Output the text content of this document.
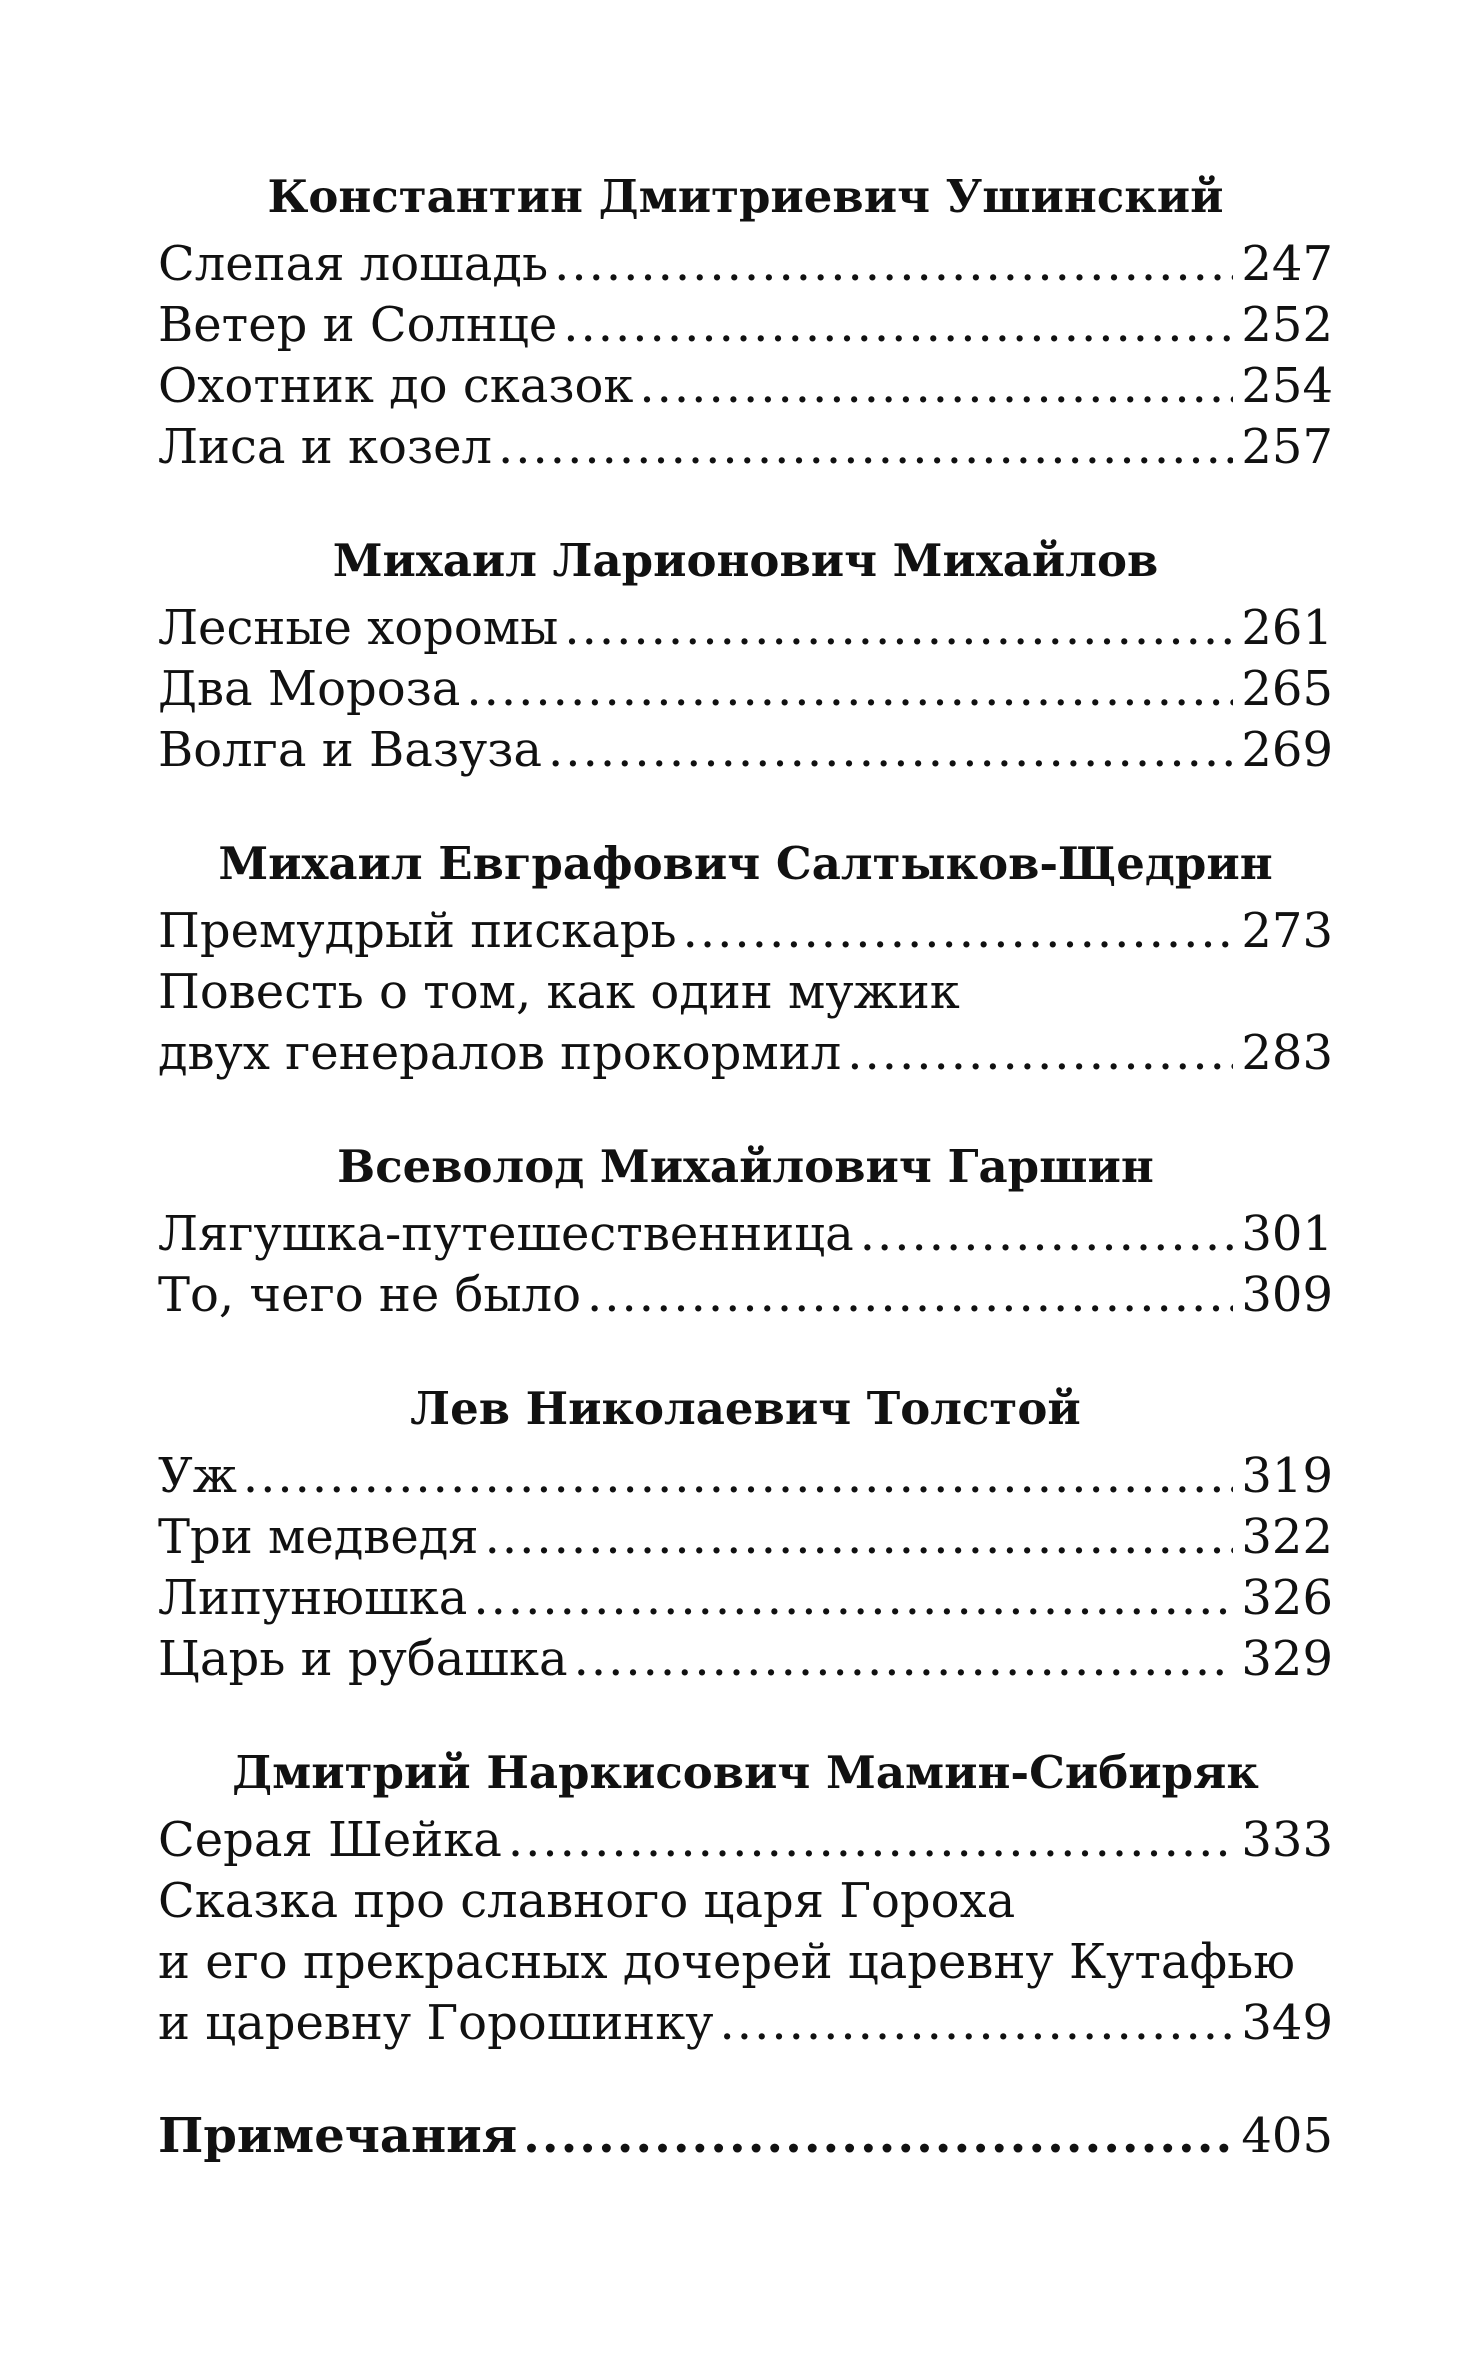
Константин Дмитриевич Ушинский
Слепая лошадь .....	247
Ветер и Солнце .....	252
Охотник до сказок .....	254
Лиса и козел .....	257
Михаил Ларионович Михайлов
Лесные хоромы .....	261
Два Мороза .....	265
Волга и Вазуза .....	269
Михаил Евграфович Салтыков-Щедрин
Премудрый пискарь .....	273
Повесть о том, как один мужик
двух генералов прокормил .....	283
Всеволод Михайлович Гаршин
Лягушка-путешественница .....	301
То, чего не было .....	309
Лев Николаевич Толстой
Уж .....	319
Три медведя .....	322
Липунюшка .....	326
Царь и рубашка .....	329
Дмитрий Наркисович Мамин-Сибиряк
Серая Шейка .....	333
Сказка про славного царя Гороха
и его прекрасных дочерей царевну Кутафью
и царевну Горошинку .....	349
Примечания .....	405
